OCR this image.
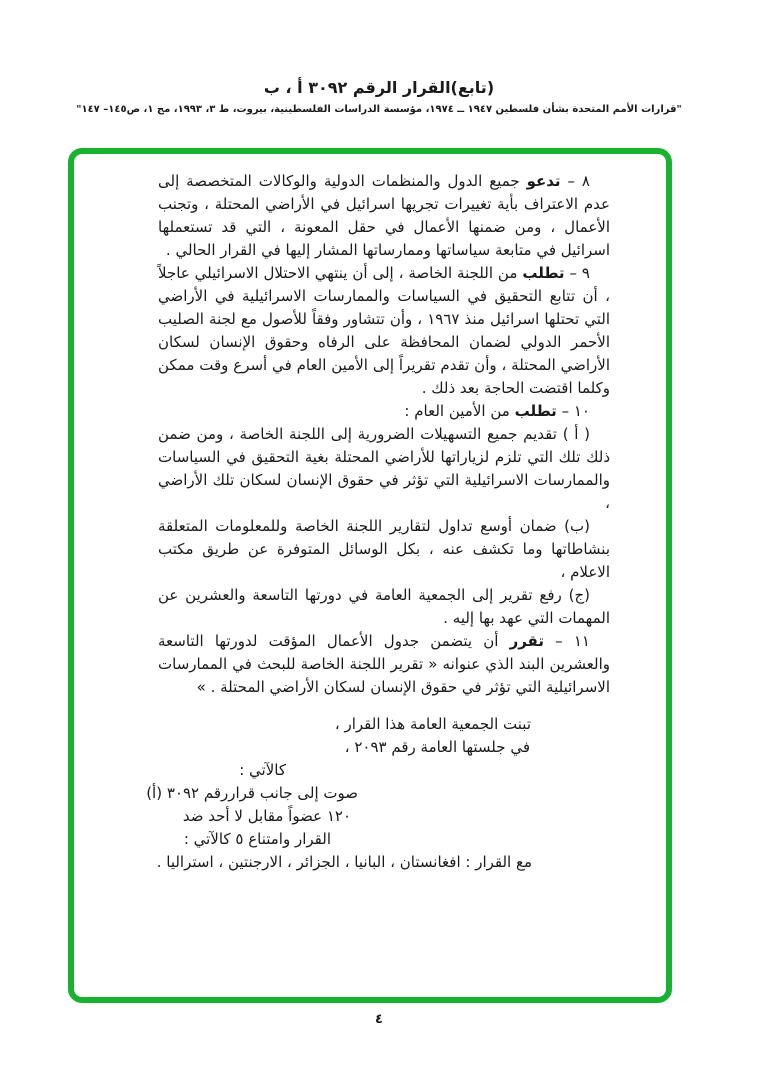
(تابع)القرار الرقم ٣٠٩٢ أ ، ب
"قرارات الأمم المتحدة بشأن فلسطين ١٩٤٧ ــ ١٩٧٤، مؤسسة الدراسات الفلسطينية، بيروت، ط ٣، ١٩٩٣، مج ١، ص١٤٥– ١٤٧"

٨ – تدعو جميع الدول والمنظمات الدولية والوكالات المتخصصة إلى عدم الاعتراف بأية تغييرات تجريها اسرائيل في الأراضي المحتلة ، وتجنب الأعمال ، ومن ضمنها الأعمال في حقل المعونة ، التي قد تستعملها اسرائيل في متابعة سياساتها وممارساتها المشار إليها في القرار الحالي .

٩ – تطلب من اللجنة الخاصة ، إلى أن ينتهي الاحتلال الاسرائيلي عاجلاً ، أن تتابع التحقيق في السياسات والممارسات الاسرائيلية في الأراضي التي تحتلها اسرائيل منذ ١٩٦٧ ، وأن تتشاور وفقاً للأصول مع لجنة الصليب الأحمر الدولي لضمان المحافظة على الرفاه وحقوق الإنسان لسكان الأراضي المحتلة ، وأن تقدم تقريراً إلى الأمين العام في أسرع وقت ممكن وكلما اقتضت الحاجة بعد ذلك .

١٠ – تطلب من الأمين العام :

( أ ) تقديم جميع التسهيلات الضرورية إلى اللجنة الخاصة ، ومن ضمن ذلك تلك التي تلزم لزياراتها للأراضي المحتلة بغية التحقيق في السياسات والممارسات الاسرائيلية التي تؤثر في حقوق الإنسان لسكان تلك الأراضي ،

(ب) ضمان أوسع تداول لتقارير اللجنة الخاصة وللمعلومات المتعلقة بنشاطاتها وما تكشف عنه ، بكل الوسائل المتوفرة عن طريق مكتب الاعلام ،

(ج) رفع تقرير إلى الجمعية العامة في دورتها التاسعة والعشرين عن المهمات التي عهد بها إليه .

١١ – تقرر أن يتضمن جدول الأعمال المؤقت لدورتها التاسعة والعشرين البند الذي عنوانه « تقرير اللجنة الخاصة للبحث في الممارسات الاسرائيلية التي تؤثر في حقوق الإنسان لسكان الأراضي المحتلة . »

تبنت الجمعية العامة هذا القرار ،
في جلستها العامة رقم ٢٠٩٣ ،
كالآتي :
صوت إلى جانب قراررقم ٣٠٩٢ (أ)
١٢٠ عضواً مقابل لا أحد ضد
القرار وامتناع ٥ كالآتي :
مع القرار : افغانستان ، البانيا ، الجزائر ، الارجنتين ، استراليا .
٤
